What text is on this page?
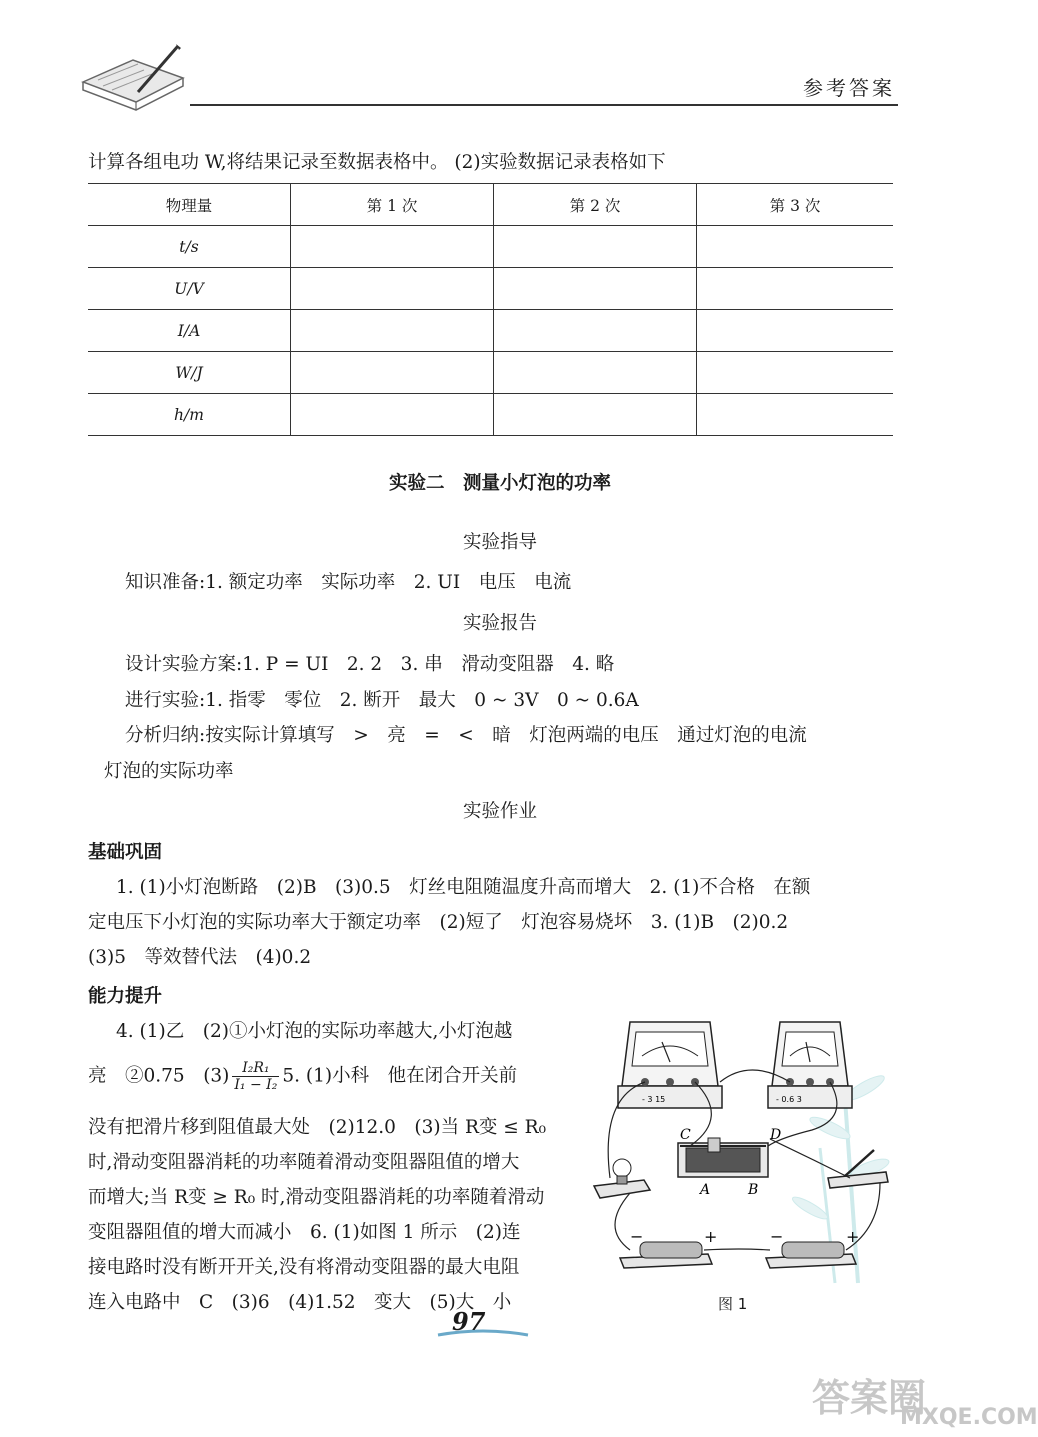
参考答案
计算各组电功 W,将结果记录至数据表格中。 (2)实验数据记录表格如下
物理量	第 1 次	第 2 次	第 3 次
t/s			
U/V			
I/A			
W/J			
h/m			
实验二　测量小灯泡的功率
实验指导
知识准备:1. 额定功率　实际功率　2. UI　电压　电流
实验报告
设计实验方案:1. P = UI　2. 2　3. 串　滑动变阻器　4. 略
进行实验:1. 指零　零位　2. 断开　最大　0 ~ 3V　0 ~ 0.6A
分析归纳:按实际计算填写　>　亮　=　<　暗　灯泡两端的电压　通过灯泡的电流
灯泡的实际功率
实验作业
基础巩固
1. (1)小灯泡断路　(2)B　(3)0.5　灯丝电阻随温度升高而增大　2. (1)不合格　在额
定电压下小灯泡的实际功率大于额定功率　(2)短了　灯泡容易烧坏　3. (1)B　(2)0.2
(3)5　等效替代法　(4)0.2
能力提升
4. (1)乙　(2)①小灯泡的实际功率越大,小灯泡越
亮　②0.75　$(3) \frac{\text{I₂R₁}}{\text{I₁ − I₂}} 5$. (1)小科　他在闭合开关前
没有把滑片移到阻值最大处　(2)12.0　(3)当 R变 ≤ R₀
时,滑动变阻器消耗的功率随着滑动变阻器阻值的增大
而增大;当 R变 ≥ R₀ 时,滑动变阻器消耗的功率随着滑动
变阻器阻值的增大而减小　6. (1)如图 1 所示　(2)连
接电路时没有断开开关,没有将滑动变阻器的最大电阻
连入电路中　C　(3)6　(4)1.52　变大　(5)大　小
- 3 15	- 0.6 3
C	D
A	B
−	+	−	+
图 1
97
答案圈
MXQE.COM
